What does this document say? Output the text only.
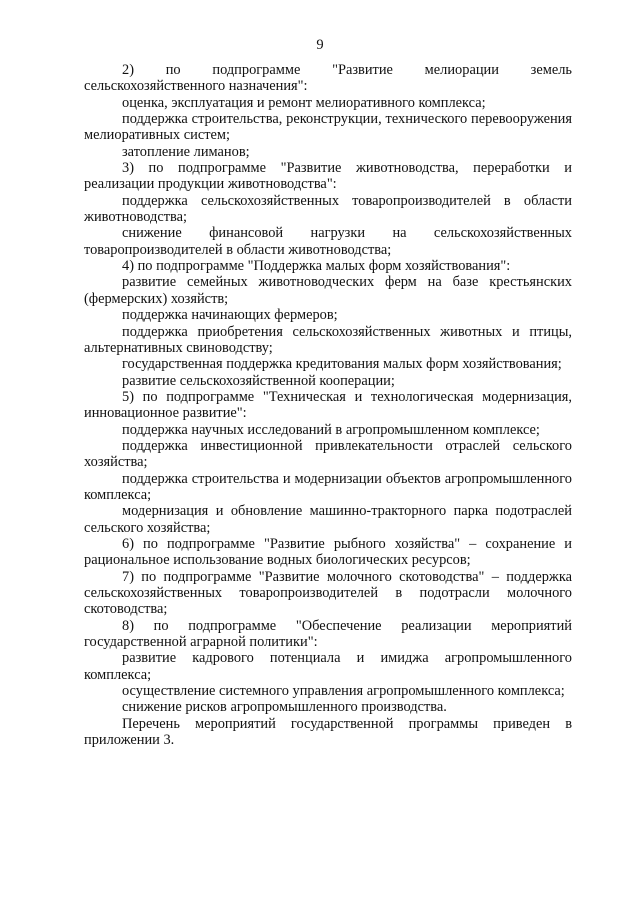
9

2) по подпрограмме "Развитие мелиорации земель сельскохозяйственного назначения":

оценка, эксплуатация и ремонт мелиоративного комплекса;

поддержка строительства, реконструкции, технического перевооружения мелиоративных систем;

затопление лиманов;

3) по подпрограмме "Развитие животноводства, переработки и реализации продукции животноводства":

поддержка сельскохозяйственных товаропроизводителей в области животноводства;

снижение финансовой нагрузки на сельскохозяйственных товаропроизводителей в области животноводства;

4) по подпрограмме "Поддержка малых форм хозяйствования":

развитие семейных животноводческих ферм на базе крестьянских (фермерских) хозяйств;

поддержка начинающих фермеров;

поддержка приобретения сельскохозяйственных животных и птицы, альтернативных свиноводству;

государственная поддержка кредитования малых форм хозяйствования;

развитие сельскохозяйственной кооперации;

5) по подпрограмме "Техническая и технологическая модернизация, инновационное развитие":

поддержка научных исследований в агропромышленном комплексе;

поддержка инвестиционной привлекательности отраслей сельского хозяйства;

поддержка строительства и модернизации объектов агропромышленного комплекса;

модернизация и обновление машинно-тракторного парка подотраслей сельского хозяйства;

6) по подпрограмме "Развитие рыбного хозяйства" – сохранение и рациональное использование водных биологических ресурсов;

7) по подпрограмме "Развитие молочного скотоводства" – поддержка сельскохозяйственных товаропроизводителей в подотрасли молочного скотоводства;

8) по подпрограмме "Обеспечение реализации мероприятий государственной аграрной политики":

развитие кадрового потенциала и имиджа агропромышленного комплекса;

осуществление системного управления агропромышленного комплекса;

снижение рисков агропромышленного производства.

Перечень мероприятий государственной программы приведен в приложении 3.
